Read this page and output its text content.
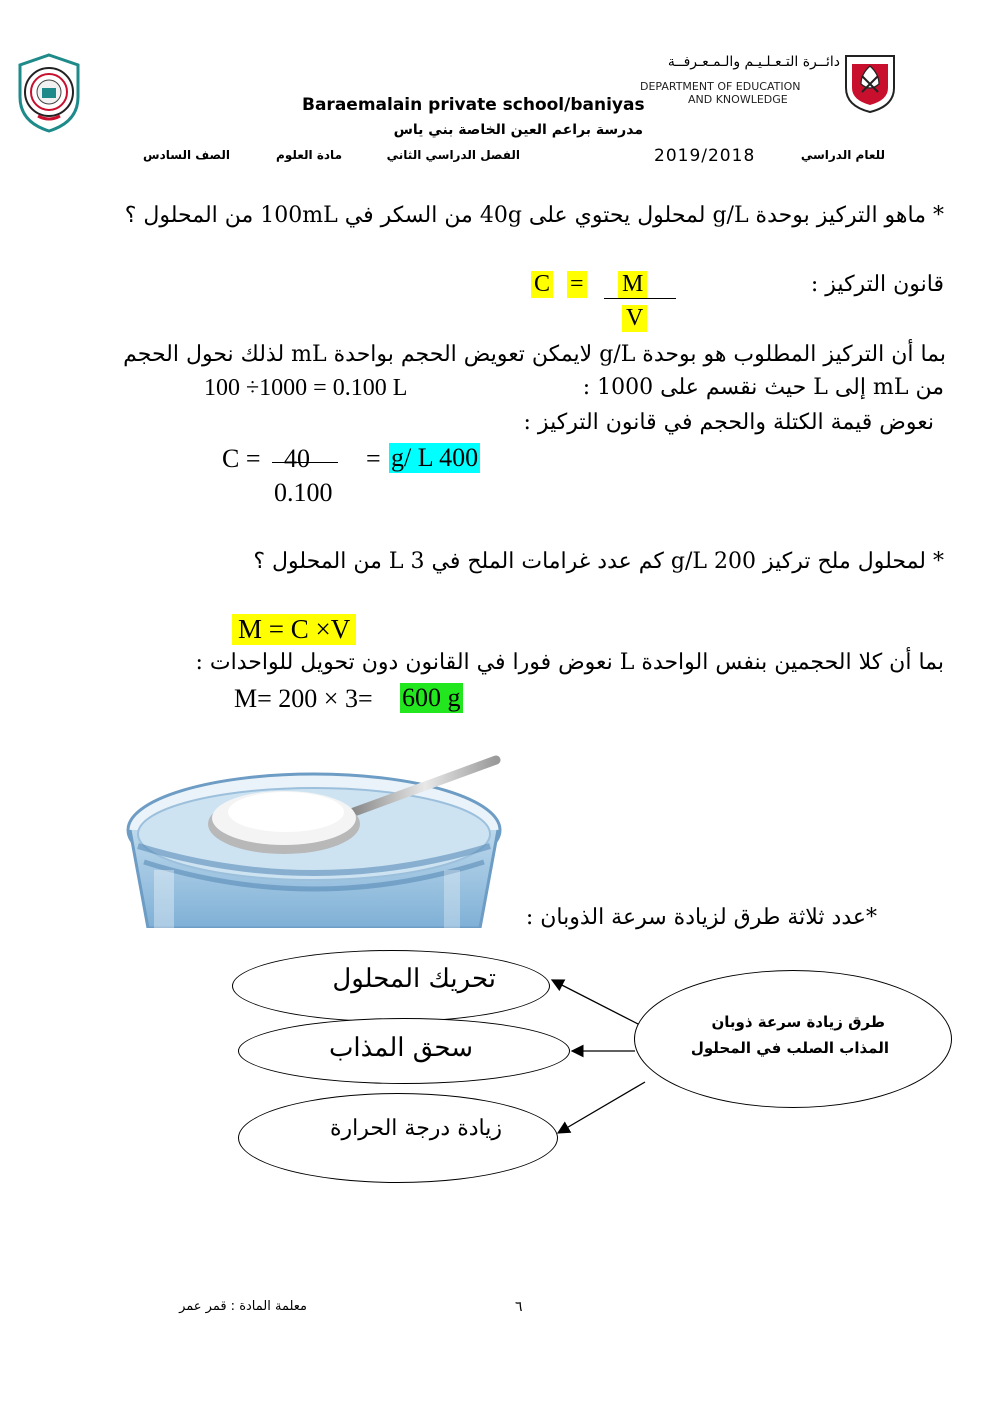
Baraemalain private school/baniyas
دائــرة التـعـلـيـم والـمـعـرفــة
DEPARTMENT OF EDUCATION
AND KNOWLEDGE
مدرسة براعم العين الخاصة بني ياس
الصف السادس	مادة العلوم	الفصل الدراسي الثاني	2019/2018	للعام الدراسي
* ماهو التركيز بوحدة g/L لمحلول يحتوي على 40g من السكر في 100mL من المحلول ؟
قانون التركيز :
C = M
V
بما أن التركيز المطلوب هو بوحدة g/L لايمكن تعويض الحجم بواحدة mL لذلك نحول الحجم
من mL إلى L حيث نقسم على 1000 :
100 ÷1000 = 0.100 L
نعوض قيمة الكتلة والحجم في قانون التركيز :
C = 40 = g/ L 400
0.100
* لمحلول ملح تركيز 200 g/L كم عدد غرامات الملح في 3 L من المحلول ؟
M = C ×V
بما أن كلا الحجمين بنفس الواحدة L نعوض فورا في القانون دون تحويل للواحدات :
M= 200 × 3= 600 g
*عدد ثلاثة طرق لزيادة سرعة الذوبان :
طرق زيادة سرعة ذوبان
المذاب الصلب في المحلول
تحريك المحلول
سحق المذاب
زيادة درجة الحرارة
٦
معلمة المادة : قمر عمر
